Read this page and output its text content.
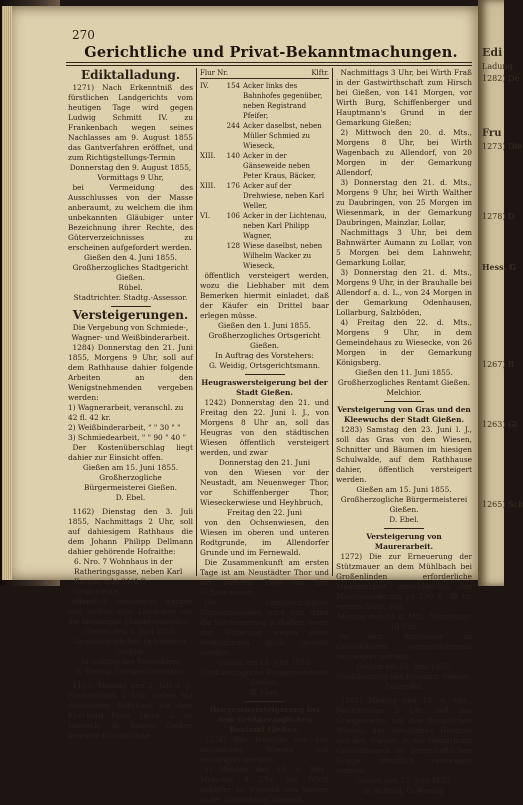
270
Gerichtliche und Privat-Bekanntmachungen.
Ediktalladung.

1271) Nach Erkenntniß des fürstlichen Landgerichts vom heutigen Tage wird gegen Ludwig Schmitt IV. zu Frankenbach wegen seines Nachlasses am 9. August 1855 das Gantverfahren eröffnet, und zum Richtigstellungs-Termin

Donnerstag den 9. August 1855,
Vormittags 9 Uhr,

bei Vermeidung des Ausschlusses von der Masse anberaumt, zu welchem die ihm unbekannten Gläubiger unter Bezeichnung ihrer Rechte, des Güterverzeichnisses zu erscheinen aufgefordert werden.

Gießen den 4. Juni 1855.
Großherzogliches Stadtgericht Gießen.
Rübel.
Stadtrichter. Stadtg.-Assessor.
Versteigerungen.
Die Vergebung von Schmiede-, Wagner- und Weißbinderarbeit.

1284) Donnerstag den 21. Juni 1855, Morgens 9 Uhr, soll auf dem Rathhause dahier folgende Arbeiten an den Wenigstnehmenden vergeben werden:

1) Wagnerarbeit, veranschl. zu 42 fl. 42 kr.
2) Weißbinderarbeit, " " 30 " "
3) Schmiedearbeit, " " 90 " 40 "

Der Kostenüberschlag liegt dahier zur Einsicht offen.

Gießen am 15. Juni 1855.
Großherzogliche Bürgermeisterei Gießen.
D. Ebel.

1162) Dienstag den 3. Juli 1855, Nachmittags 2 Uhr, soll auf dahiesigem Rathhaus die dem Johann Philipp Dellmann dahier gehörende Hofraithe:

6. Nro. 7 Wohnhaus in der Ratheringsgasse, neben Karl Kaspar, gibt 21/4 fl. Grundrente,

öffentlich versteigert werden und wollen sich Liebhaber um die bestimmte Stunde einfinden.

Gießen den 1. Juni 1855.
Großherzogliches Ortsgericht Gießen.
In Auftrag des Vorstehers:
G. Weidig, Ortsgerichtsmann.

1163) Montag den 2. Juli d. J., Nachmittags 2 Uhr, sollen auf dahiesigem Rathhaus die dem Eberhard Kunz, Jacob G. zu Wieseck, in Belang Gießen liegende Grundstücke

Flur Nr.	Klftr.
IV.	154 Acker links des Bahnhofes gegenüber, neben Registrand Pfeifer,
244 Acker daselbst, neben Müller Schmied zu Wieseck,
XIII.	140 Acker in der Gänseweide neben Peter Kraus, Bäcker,
XIII.	176 Acker auf der Drehwiese, neben Karl Weller,
VI.	106 Acker in der Lichtenau, neben Karl Philipp Wagner,
128 Wiese daselbst, neben Wilhelm Wacker zu Wieseck,

öffentlich versteigert werden, wozu die Liebhaber mit dem Bemerken hiermit einladet, daß der Käufer ein Drittel baar erlegen müsse.

Gießen den 1. Juni 1855.
Großherzogliches Ortsgericht Gießen.
In Auftrag des Vorstehers:
G. Weidig, Ortsgerichtsmann.
Heugraswersteigerung bei der Stadt Gießen.

1242) Donnerstag den 21. und Freitag den 22. Juni l. J., von Morgens 8 Uhr an, soll das Heugras von den städtischen Wiesen öffentlich versteigert werden, und zwar

Donnerstag den 21. Juni

von den Wiesen vor der Neustadt, am Neuenweger Thor, vor Schiffenberger Thor, Wieseckerwiese und Heyhbruch,

Freitag den 22. Juni

von den Ochsenwiesen, den Wiesen im oberen und unteren Rodtgrunde, im Allendorfer Grunde und im Fernewald.

Die Zusammenkunft am ersten Tage ist am Neustädter Thor und am zweiten Tage an den Ochsenwiesen.

Die Großherzogliche Bürgermeisterei wird nur dann die Versteigerung aufheben, wenn der Witterung wegen diese Bedingungen nicht gestellt werden.

Gießen am 11. Juni 1855.
Großherzogliche Bürgermeisterei Gießen.
D. Ebel.
Heugraswersteigerung bei dem Großherzoglichen Rentamt Gießen.

1254) Das Heugras von den fiscalischen Wiesen soll versteigert werden:

1) Montag den 18. d. Mts., Morgens 9 Uhr, bei Wirth Schäffer zu Wieseck von Wiesen in der Gemarkung Wieseck,

Nachmittags 3 Uhr, bei Wirth Fraß in der Gastwirthschaft zum Hirsch bei Gießen, von 141 Morgen, vor Wirth Burg, Schiffenberger und Hauptmann's Grund in der Gemarkung Gießen;

2) Mittwoch den 20. d. Mts., Morgens 8 Uhr, bei Wirth Wagenbach zu Allendorf, von 20 Morgen in der Gemarkung Allendorf,

3) Donnerstag den 21. d. Mts., Morgens 9 Uhr, bei Wirth Walther zu Daubringen, von 25 Morgen im Wiesenmark, in der Gemarkung Daubringen, Mainzlar, Lollar,

Nachmittags 3 Uhr, bei dem Bahnwärter Aumann zu Lollar, von 5 Morgen bei dem Lahnwehr, Gemarkung Lollar,

3) Donnerstag den 21. d. Mts., Morgens 9 Uhr, in der Brauhalle bei Allendorf a. d. L., von 24 Morgen in der Gemarkung Odenhausen, Lollarburg, Salzböden,

4) Freitag den 22. d. Mts., Morgens 9 Uhr, in dem Gemeindehaus zu Wiesecke, von 26 Morgen in der Gemarkung Königsberg.

Gießen den 11. Juni 1855.
Großherzogliches Rentamt Gießen.
Melchior.
Versteigerung von Gras und den Kleewuchs der Stadt Gießen.

1283) Samstag den 23. Juni l. J., soll das Gras von den Wiesen, Schnitter und Bäumen im hiesigen Schulwalde, auf dem Rathhause dahier, öffentlich versteigert werden.

Gießen am 15. Juni 1855.
Großherzogliche Bürgermeisterei Gießen.
D. Ebel.
Versteigerung von Maurerarbeit.

1272) Die zur Erneuerung der Stützmauer an dem Mühlbach bei Großenlinden erforderliche Maurerarbeit, einschließlich der Materiallieferung zu 290 fl. 39 kr. veranschlagt, soll

Montag den 18. d. Mts., Vormittags 10 Uhr,

in dem Rathhause zu Großenlinden wenigstnehmend versteigert werden.

Gießen am 15. Juni 1855.
Großherzogliches Kreisamt Gießen.
Dolzapfel.

1281) Montag den 18. d. Mts., Nachmittags 3 Uhr, soll das Grasgewächs auf den fiscalischen Wiesen, das diesjährige Heugras von den Wiesen, in der Gemarkung Großenbuseck im herrschaftlichen Krippe öffentlich versteigert werden.

Gießen den 15. Juni 1855.
In Auftrag: G. Weidig.
Edi
Ladung.
1282) De
Fru
1273) Die
1278) D
Hess. G
1267) B
1263) Gi
1265) Sch
